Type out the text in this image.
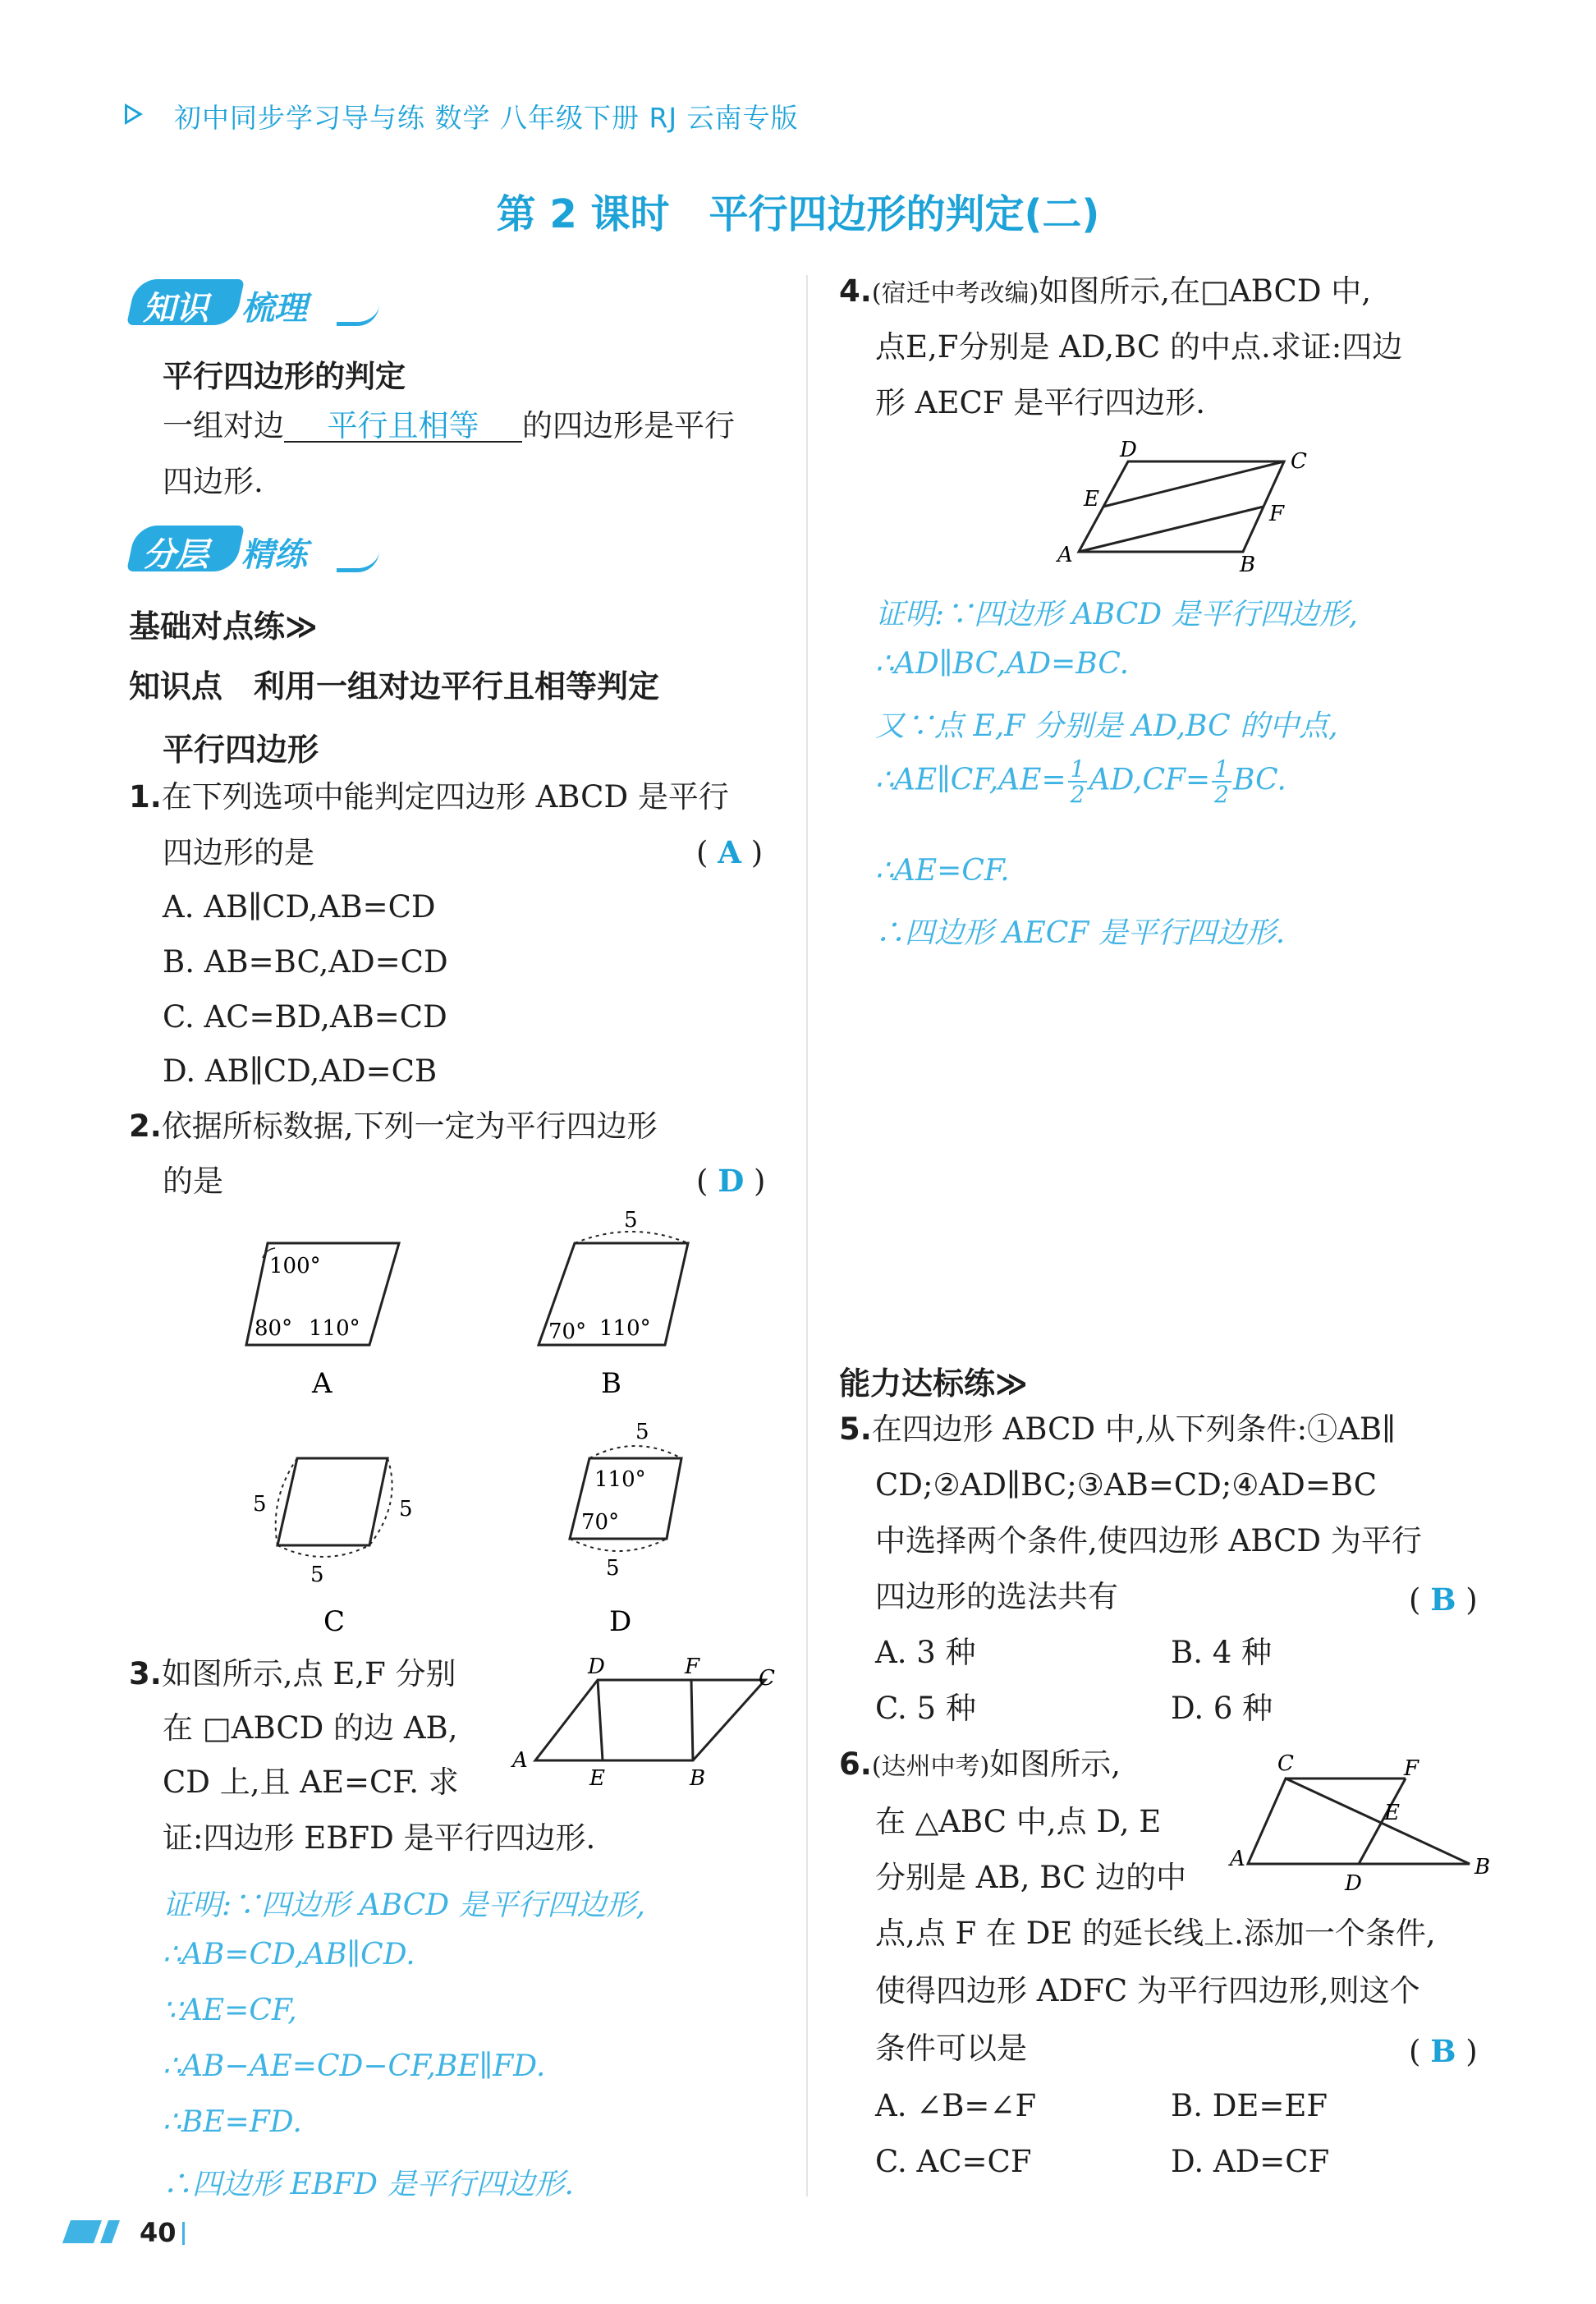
初中同步学习导与练 数学 八年级下册 RJ 云南专版
第 2 课时　平行四边形的判定(二)
知识 梳理
平行四边形的判定
一组对边 平行且相等 的四边形是平行
四边形.
分层 精练
基础对点练≫
知识点　利用一组对边平行且相等判定
平行四边形
1.在下列选项中能判定四边形 ABCD 是平行
四边形的是	( A )
A. AB∥CD,AB=CD
B. AB=BC,AD=CD
C. AC=BD,AB=CD
D. AB∥CD,AD=CB
2.依据所标数据,下列一定为平行四边形
的是	( D )
100°
80° 110°
A
5
70° 110°
B
5	5
5
C
5
110°
70°
5
D
3.如图所示,点 E,F 分别
在 □ABCD 的边 AB,
CD 上,且 AE=CF. 求
证:四边形 EBFD 是平行四边形.
D	F	C
A
E	B
证明:∵四边形 ABCD 是平行四边形,
∴AB=CD,AB∥CD.
∵AE=CF,
∴AB−AE=CD−CF,BE∥FD.
∴BE=FD.
∴四边形 EBFD 是平行四边形.
4.(宿迁中考改编)如图所示,在□ABCD 中,
点E,F分别是 AD,BC 的中点.求证:四边
形 AECF 是平行四边形.
D	C
E
F
A	B
证明:∵四边形 ABCD 是平行四边形,
∴AD∥BC,AD=BC.
又∵点 E,F 分别是 AD,BC 的中点,
∴AE∥CF,AE= $\frac{1}{2} AD,CF= \frac{1}{2}$ BC.
∴AE=CF.
∴四边形 AECF 是平行四边形.
能力达标练≫
5.在四边形 ABCD 中,从下列条件:①AB∥
CD;②AD∥BC;③AB=CD;④AD=BC
中选择两个条件,使四边形 ABCD 为平行
四边形的选法共有	( B )
A. 3 种	B. 4 种
C. 5 种	D. 6 种
6.(达州中考)如图所示,
在 △ABC 中,点 D, E
分别是 AB, BC 边的中
点,点 F 在 DE 的延长线上.添加一个条件,
使得四边形 ADFC 为平行四边形,则这个
条件可以是	( B )
C	F
E
A
D
B
A. ∠B=∠F	B. DE=EF
C. AC=CF	D. AD=CF
40
